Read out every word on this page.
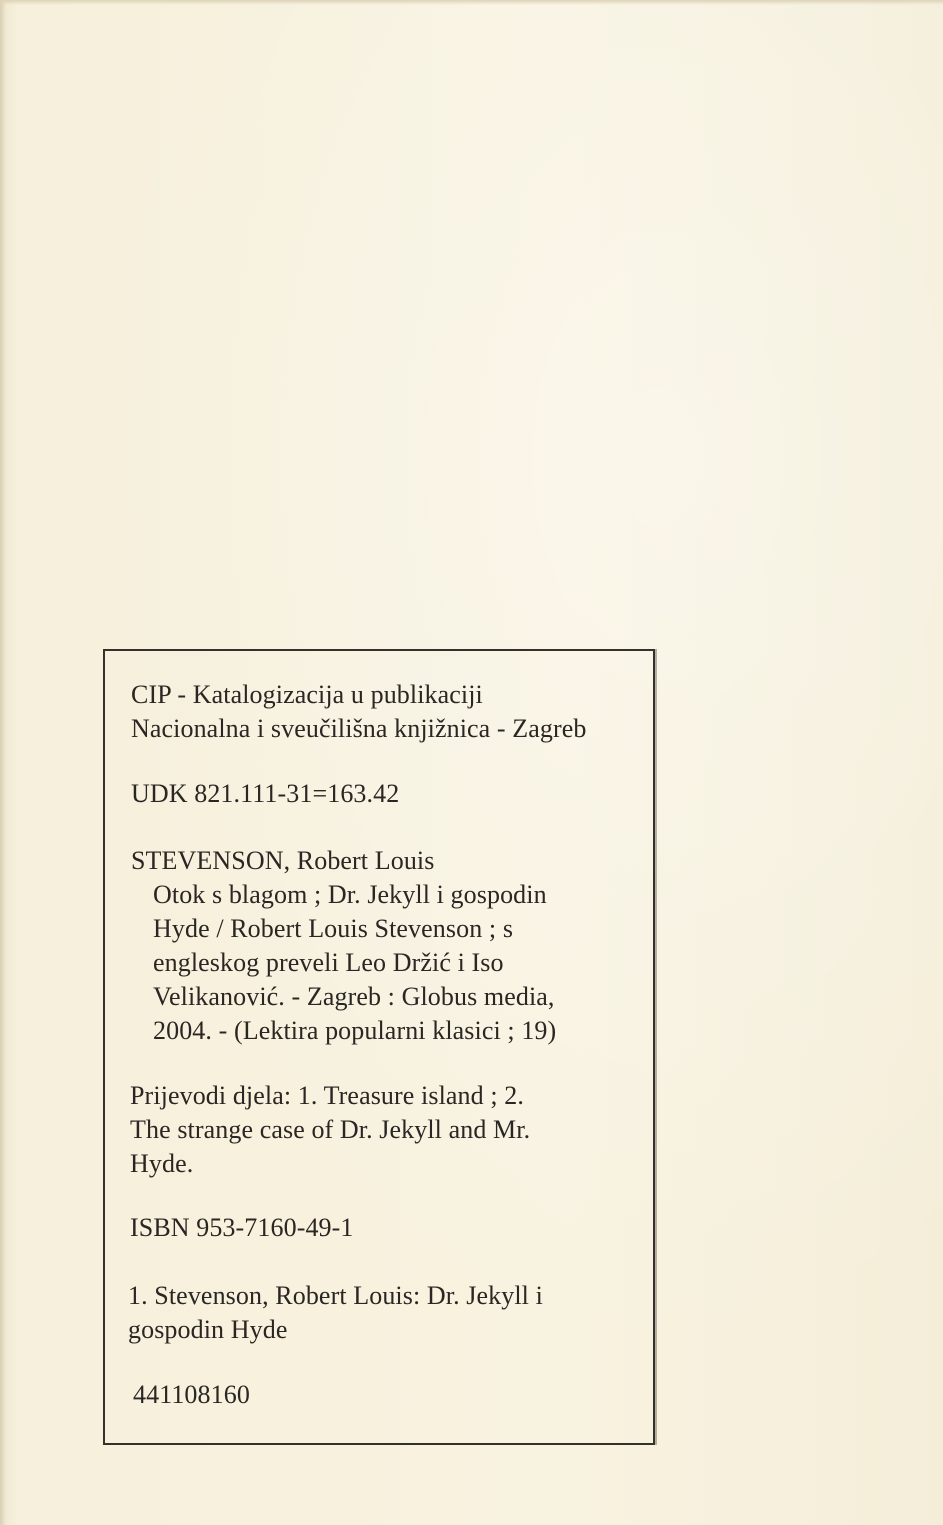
CIP - Katalogizacija u publikaciji
Nacionalna i sveučilišna knjižnica - Zagreb
UDK 821.111-31=163.42
STEVENSON, Robert Louis
Otok s blagom ; Dr. Jekyll i gospodin
Hyde / Robert Louis Stevenson ; s
engleskog preveli Leo Držić i Iso
Velikanović. - Zagreb : Globus media,
2004. - (Lektira popularni klasici ; 19)
Prijevodi djela: 1. Treasure island ; 2.
The strange case of Dr. Jekyll and Mr.
Hyde.
ISBN 953-7160-49-1
1. Stevenson, Robert Louis: Dr. Jekyll i
gospodin Hyde
441108160
